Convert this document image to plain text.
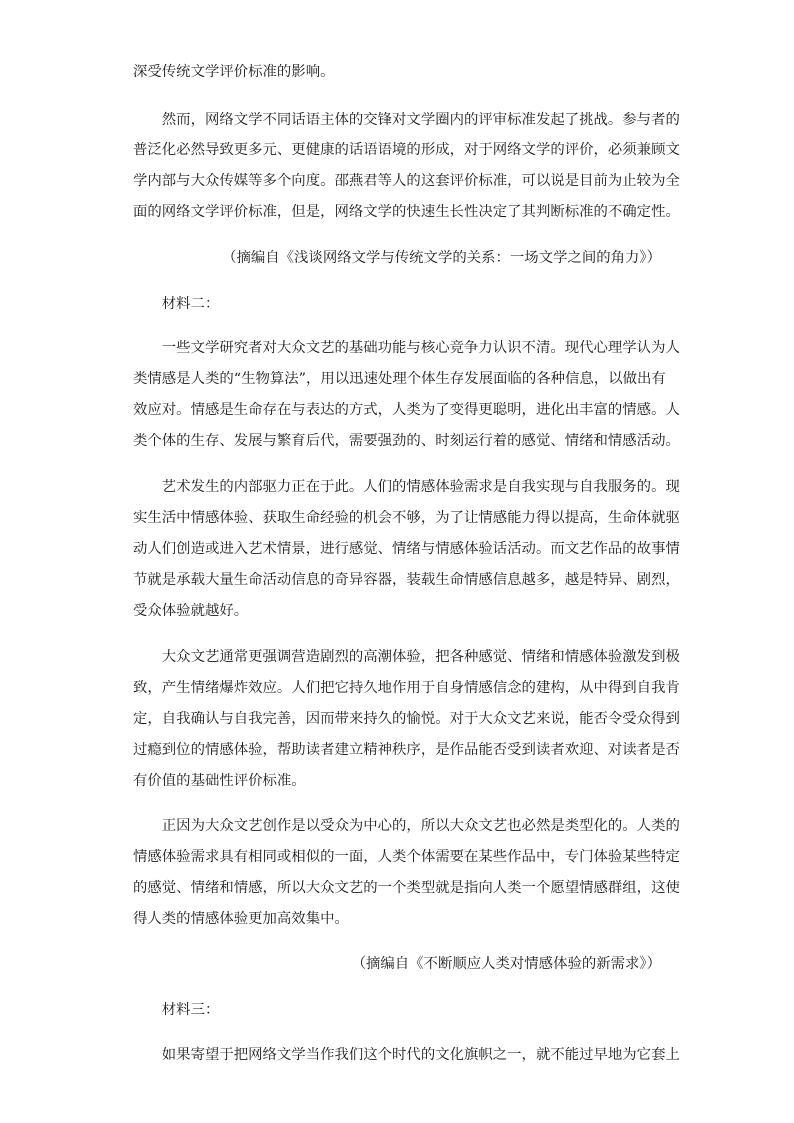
深受传统文学评价标准的影响。
　　然而，网络文学不同话语主体的交锋对文学圈内的评审标准发起了挑战。参与者的
普泛化必然导致更多元、更健康的话语语境的形成，对于网络文学的评价，必须兼顾文
学内部与大众传媒等多个向度。邵燕君等人的这套评价标准，可以说是目前为止较为全
面的网络文学评价标准，但是，网络文学的快速生长性决定了其判断标准的不确定性。
（摘编自《浅谈网络文学与传统文学的关系：一场文学之间的角力》）
　　材料二：
　　一些文学研究者对大众文艺的基础功能与核心竞争力认识不清。现代心理学认为人
类情感是人类的“生物算法”，用以迅速处理个体生存发展面临的各种信息，以做出有
效应对。情感是生命存在与表达的方式，人类为了变得更聪明，进化出丰富的情感。人
类个体的生存、发展与繁育后代，需要强劲的、时刻运行着的感觉、情绪和情感活动。
　　艺术发生的内部驱力正在于此。人们的情感体验需求是自我实现与自我服务的。现
实生活中情感体验、获取生命经验的机会不够，为了让情感能力得以提高，生命体就驱
动人们创造或进入艺术情景，进行感觉、情绪与情感体验话活动。而文艺作品的故事情
节就是承载大量生命活动信息的奇异容器，装载生命情感信息越多，越是特异、剧烈，
受众体验就越好。
　　大众文艺通常更强调营造剧烈的高潮体验，把各种感觉、情绪和情感体验激发到极
致，产生情绪爆炸效应。人们把它持久地作用于自身情感信念的建构，从中得到自我肯
定，自我确认与自我完善，因而带来持久的愉悦。对于大众文艺来说，能否令受众得到
过瘾到位的情感体验，帮助读者建立精神秩序，是作品能否受到读者欢迎、对读者是否
有价值的基础性评价标准。
　　正因为大众文艺创作是以受众为中心的，所以大众文艺也必然是类型化的。人类的
情感体验需求具有相同或相似的一面，人类个体需要在某些作品中，专门体验某些特定
的感觉、情绪和情感，所以大众文艺的一个类型就是指向人类一个愿望情感群组，这使
得人类的情感体验更加高效集中。
（摘编自《不断顺应人类对情感体验的新需求》）
　　材料三：
　　如果寄望于把网络文学当作我们这个时代的文化旗帜之一，就不能过早地为它套上
